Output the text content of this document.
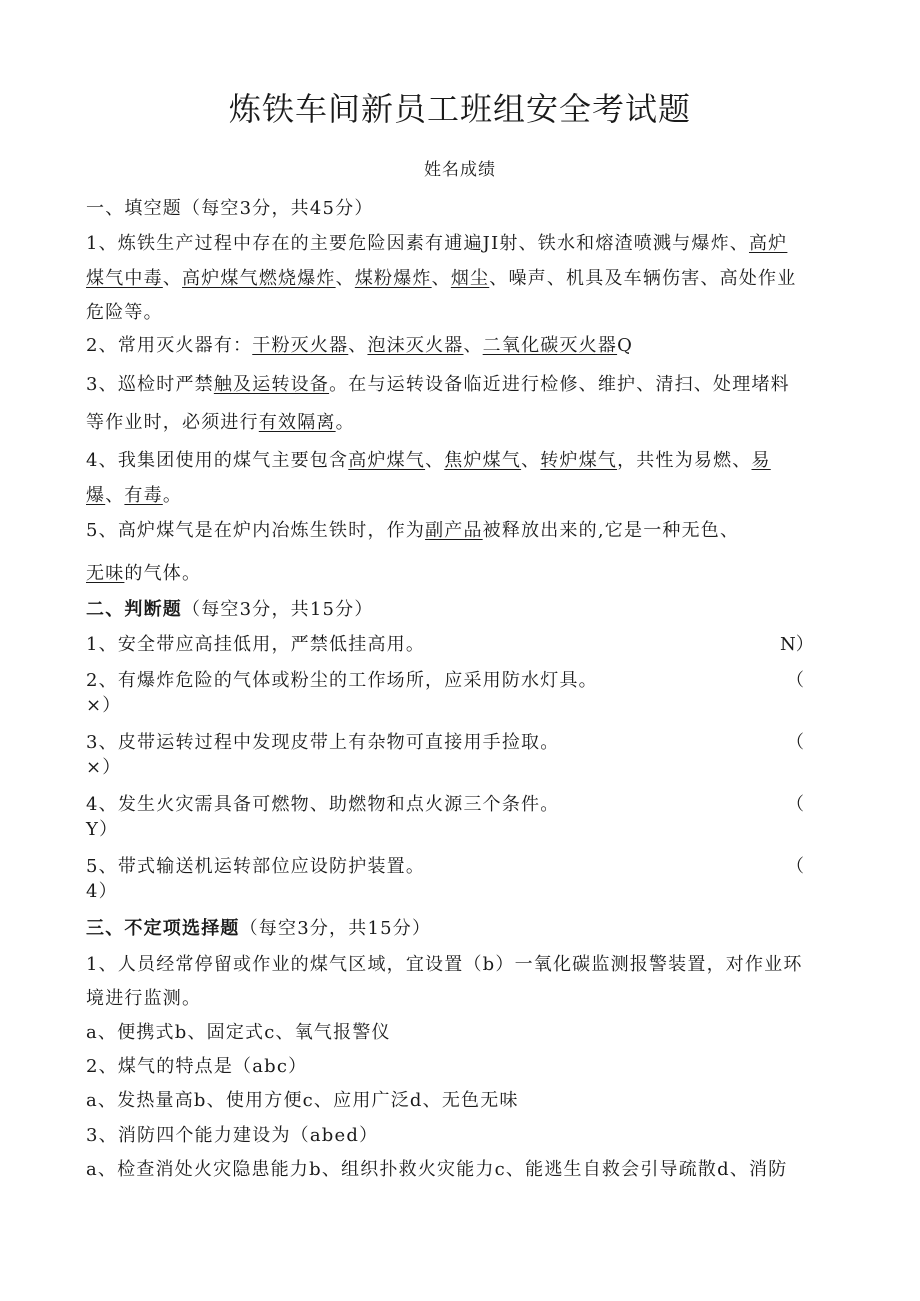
炼铁车间新员工班组安全考试题
姓名成绩
一、填空题（每空3分，共45分）
1、炼铁生产过程中存在的主要危险因素有逋遍JI射、铁水和熔渣喷溅与爆炸、高炉
煤气中毒、高炉煤气燃烧爆炸、煤粉爆炸、烟尘、噪声、机具及车辆伤害、高处作业
危险等。
2、常用灭火器有：干粉灭火器、泡沫灭火器、二氧化碳灭火器Q
3、巡检时严禁触及运转设备。在与运转设备临近进行检修、维护、清扫、处理堵料
等作业时，必须进行有效隔离。
4、我集团使用的煤气主要包含高炉煤气、焦炉煤气、转炉煤气，共性为易燃、易
爆、有毒。
5、高炉煤气是在炉内冶炼生铁时，作为副产品被释放出来的,它是一种无色、
无味的气体。
二、判断题（每空3分，共15分）
1、安全带应高挂低用，严禁低挂高用。	N）
2、有爆炸危险的气体或粉尘的工作场所，应采用防水灯具。	（
×）
3、皮带运转过程中发现皮带上有杂物可直接用手捡取。	（
×）
4、发生火灾需具备可燃物、助燃物和点火源三个条件。	（
Y）
5、带式输送机运转部位应设防护装置。	（
4）
三、不定项选择题（每空3分，共15分）
1、人员经常停留或作业的煤气区域，宜设置（b）一氧化碳监测报警装置，对作业环
境进行监测。
a、便携式b、固定式c、氧气报警仪
2、煤气的特点是（abc）
a、发热量高b、使用方便c、应用广泛d、无色无味
3、消防四个能力建设为（abed）
a、检查消处火灾隐患能力b、组织扑救火灾能力c、能逃生自救会引导疏散d、消防
